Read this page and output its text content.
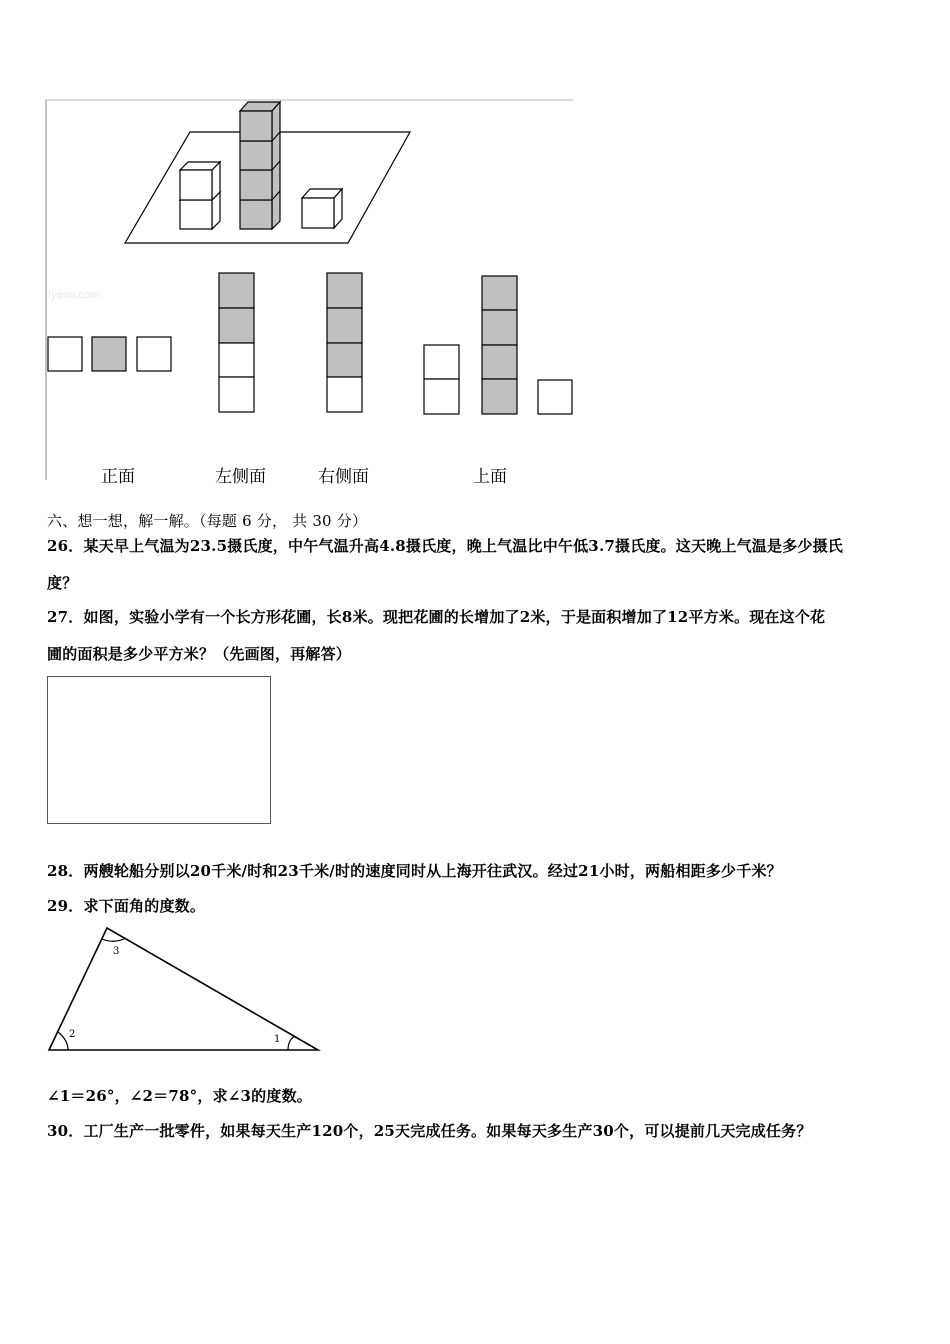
lyeoo.com
正面	左侧面	右侧面	上面
六、想一想，解一解。（每题 6 分， 共 30 分）
26．某天早上气温为23.5摄氏度，中午气温升高4.8摄氏度，晚上气温比中午低3.7摄氏度。这天晚上气温是多少摄氏
度？
27．如图，实验小学有一个长方形花圃，长8米。现把花圃的长增加了2米，于是面积增加了12平方米。现在这个花
圃的面积是多少平方米？（先画图，再解答）
28．两艘轮船分别以20千米/时和23千米/时的速度同时从上海开往武汉。经过21小时，两船相距多少千米？
29．求下面角的度数。
3
2	1
∠1＝26°，∠2＝78°，求∠3的度数。
30．工厂生产一批零件，如果每天生产120个，25天完成任务。如果每天多生产30个，可以提前几天完成任务？
